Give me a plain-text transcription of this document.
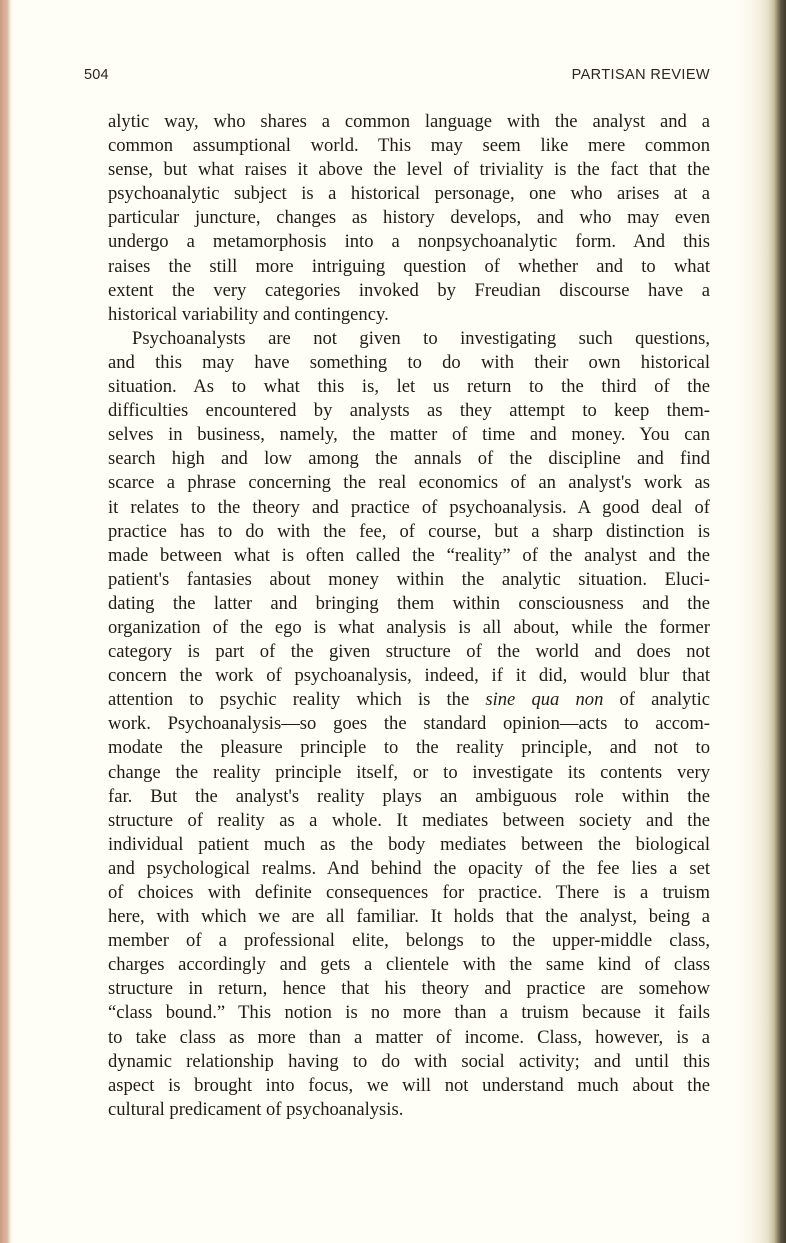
504	PARTISAN REVIEW
alytic way, who shares a common language with the analyst and a
common assumptional world. This may seem like mere common
sense, but what raises it above the level of triviality is the fact that the
psychoanalytic subject is a historical personage, one who arises at a
particular juncture, changes as history develops, and who may even
undergo a metamorphosis into a nonpsychoanalytic form. And this
raises the still more intriguing question of whether and to what
extent the very categories invoked by Freudian discourse have a
historical variability and contingency.
Psychoanalysts are not given to investigating such questions,
and this may have something to do with their own historical
situation. As to what this is, let us return to the third of the
difficulties encountered by analysts as they attempt to keep them-
selves in business, namely, the matter of time and money. You can
search high and low among the annals of the discipline and find
scarce a phrase concerning the real economics of an analyst's work as
it relates to the theory and practice of psychoanalysis. A good deal of
practice has to do with the fee, of course, but a sharp distinction is
made between what is often called the “reality” of the analyst and the
patient's fantasies about money within the analytic situation. Eluci-
dating the latter and bringing them within consciousness and the
organization of the ego is what analysis is all about, while the former
category is part of the given structure of the world and does not
concern the work of psychoanalysis, indeed, if it did, would blur that
attention to psychic reality which is the sine qua non of analytic
work. Psychoanalysis—so goes the standard opinion—acts to accom-
modate the pleasure principle to the reality principle, and not to
change the reality principle itself, or to investigate its contents very
far. But the analyst's reality plays an ambiguous role within the
structure of reality as a whole. It mediates between society and the
individual patient much as the body mediates between the biological
and psychological realms. And behind the opacity of the fee lies a set
of choices with definite consequences for practice. There is a truism
here, with which we are all familiar. It holds that the analyst, being a
member of a professional elite, belongs to the upper-middle class,
charges accordingly and gets a clientele with the same kind of class
structure in return, hence that his theory and practice are somehow
“class bound.” This notion is no more than a truism because it fails
to take class as more than a matter of income. Class, however, is a
dynamic relationship having to do with social activity; and until this
aspect is brought into focus, we will not understand much about the
cultural predicament of psychoanalysis.
